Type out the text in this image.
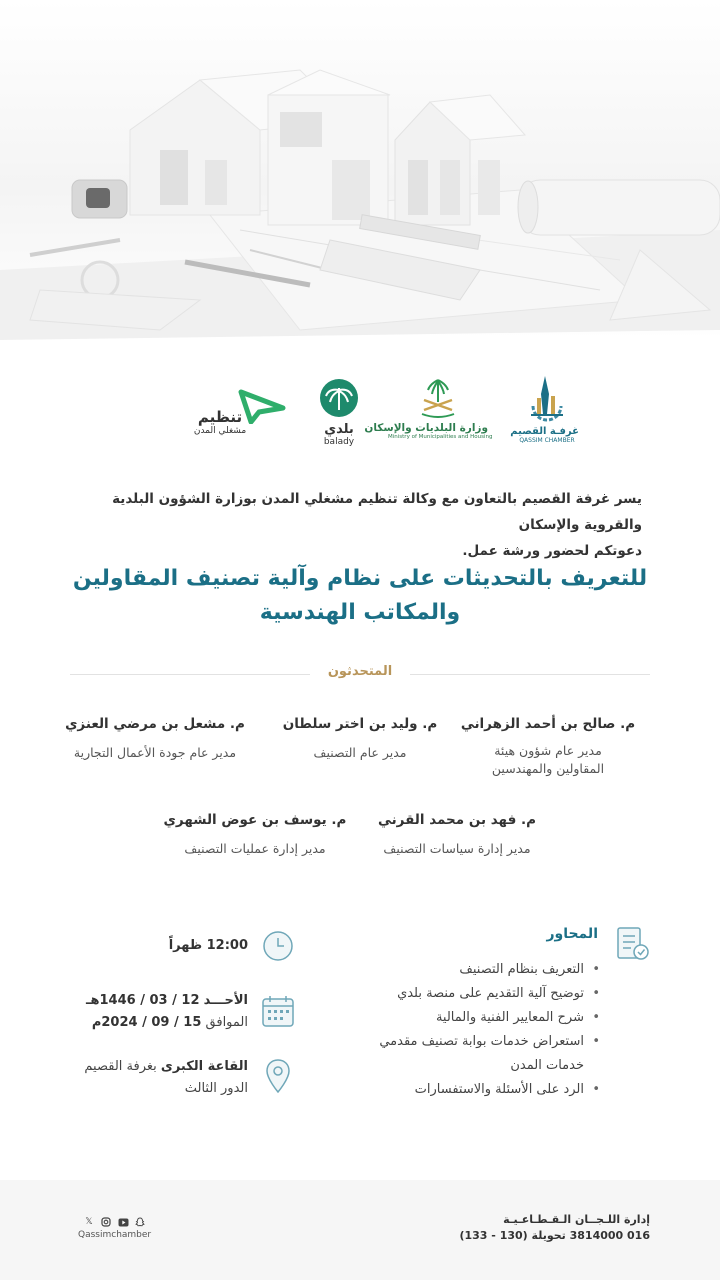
تنظيم
مشغلي المدن	بلدي
balady
وزارة البلديات والإسكان
Ministry of Municipalities and Housing غرفـة القصيم
QASSIM CHAMBER
يسر غرفة القصيم بالتعاون مع وكالة تنظيم مشغلي المدن بوزارة الشؤون البلدية والقروية والإسكان
دعوتكم لحضور ورشة عمل.
للتعريف بالتحديثات على نظام وآلية تصنيف المقاولين
والمكاتب الهندسية
المتحدثون
م. صالح بن أحمد الزهراني
مدير عام شؤون هيئة المقاولين والمهندسين
م. وليد بن اختر سلطان
مدير عام التصنيف
م. مشعل بن مرضي العنزي
مدير عام جودة الأعمال التجارية
م. فهد بن محمد القرني
مدير إدارة سياسات التصنيف
م. يوسف بن عوض الشهري
مدير إدارة عمليات التصنيف
المحاور
•
التعريف بنظام التصنيف
•
توضيح آلية التقديم على منصة بلدي
•
شرح المعايير الفنية والمالية
•
استعراض خدمات بوابة تصنيف مقدمي خدمات المدن
•
الرد على الأسئلة والاستفسارات
12:00 ظهراً
الأحـــد 12 / 03 / 1446هـ
الموافق 15 / 09 / 2024م
القاعة الكبرى بغرفة القصيم
الدور الثالث
إدارة اللـجــان الـقـطـاعـيـة
016 3814000 تحويلة (130 - 133)
𝕏
Qassimchamber
